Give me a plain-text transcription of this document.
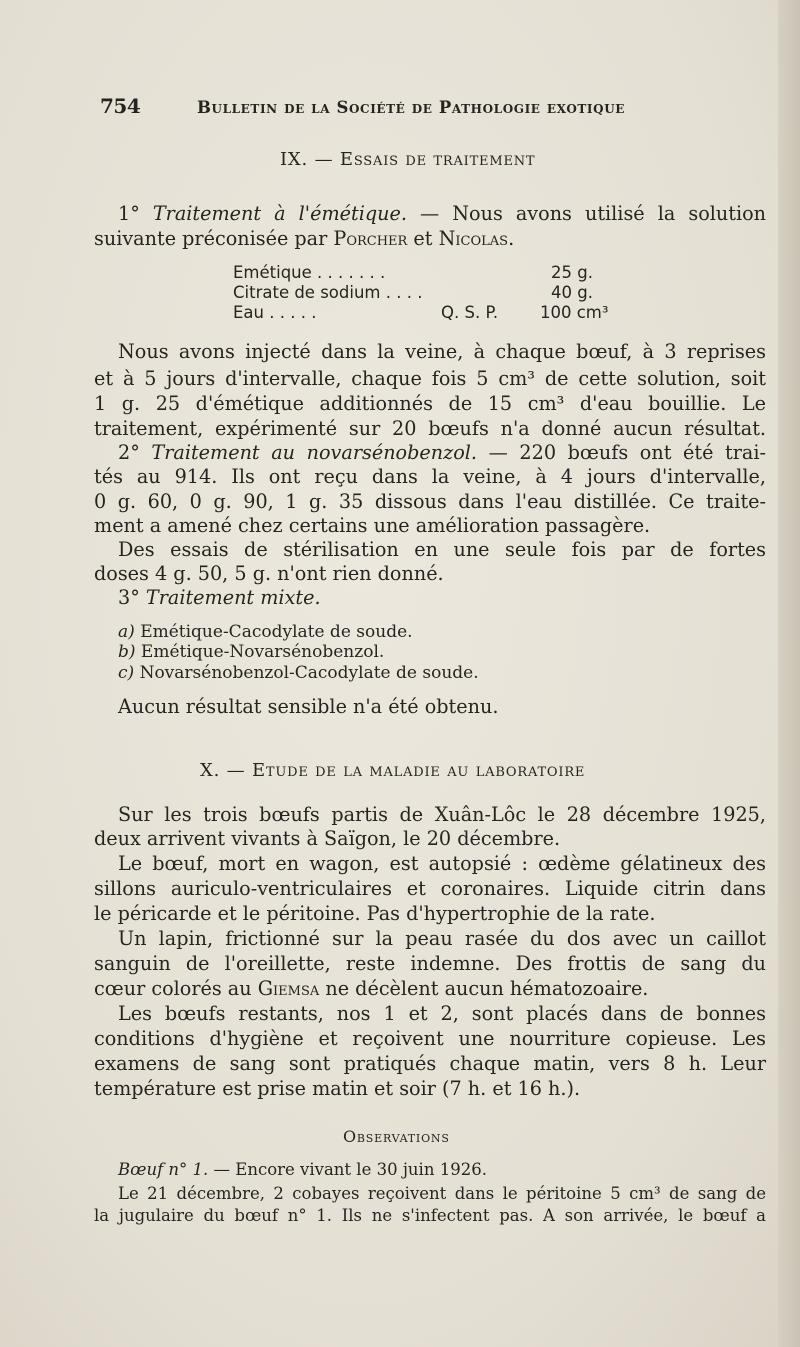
754	Bulletin de la Société de Pathologie exotique
IX. — Essais de traitement
1° Traitement à l'émétique. — Nous avons utilisé la solution
suivante préconisée par Porcher et Nicolas.
Emétique . . . . . . .	25 g.
Citrate de sodium . . . .	40 g.
Eau . . . . .	Q. S. P.	100 cm³
Nous avons injecté dans la veine, à chaque bœuf, à 3 reprises
et à 5 jours d'intervalle, chaque fois 5 cm³ de cette solution, soit
1 g. 25 d'émétique additionnés de 15 cm³ d'eau bouillie. Le
traitement, expérimenté sur 20 bœufs n'a donné aucun résultat.
2° Traitement au novarsénobenzol. — 220 bœufs ont été trai-
tés au 914. Ils ont reçu dans la veine, à 4 jours d'intervalle,
0 g. 60, 0 g. 90, 1 g. 35 dissous dans l'eau distillée. Ce traite-
ment a amené chez certains une amélioration passagère.
Des essais de stérilisation en une seule fois par de fortes
doses 4 g. 50, 5 g. n'ont rien donné.
3° Traitement mixte.
a) Emétique-Cacodylate de soude.
b) Emétique-Novarsénobenzol.
c) Novarsénobenzol-Cacodylate de soude.
Aucun résultat sensible n'a été obtenu.
X. — Etude de la maladie au laboratoire
Sur les trois bœufs partis de Xuân-Lôc le 28 décembre 1925,
deux arrivent vivants à Saïgon, le 20 décembre.
Le bœuf, mort en wagon, est autopsié : œdème gélatineux des
sillons auriculo-ventriculaires et coronaires. Liquide citrin dans
le péricarde et le péritoine. Pas d'hypertrophie de la rate.
Un lapin, frictionné sur la peau rasée du dos avec un caillot
sanguin de l'oreillette, reste indemne. Des frottis de sang du
cœur colorés au Giemsa ne décèlent aucun hématozoaire.
Les bœufs restants, nos 1 et 2, sont placés dans de bonnes
conditions d'hygiène et reçoivent une nourriture copieuse. Les
examens de sang sont pratiqués chaque matin, vers 8 h. Leur
température est prise matin et soir (7 h. et 16 h.).
Observations
Bœuf n° 1. — Encore vivant le 30 juin 1926.
Le 21 décembre, 2 cobayes reçoivent dans le péritoine 5 cm³ de sang de
la jugulaire du bœuf n° 1. Ils ne s'infectent pas. A son arrivée, le bœuf a
